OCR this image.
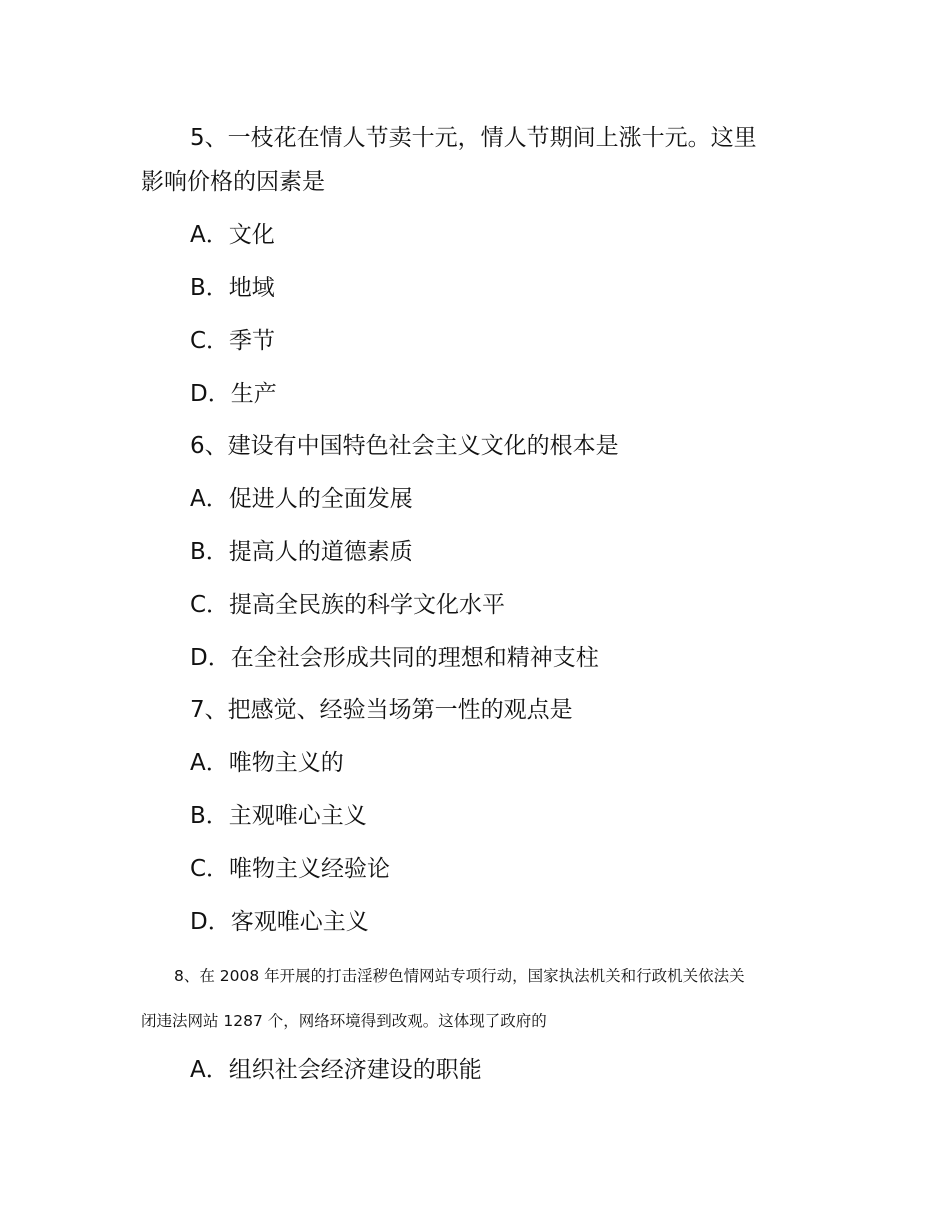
5、一枝花在情人节卖十元，情人节期间上涨十元。这里
影响价格的因素是
A．文化
B．地域
C．季节
D．生产
6、建设有中国特色社会主义文化的根本是
A．促进人的全面发展
B．提高人的道德素质
C．提高全民族的科学文化水平
D．在全社会形成共同的理想和精神支柱
7、把感觉、经验当场第一性的观点是
A．唯物主义的
B．主观唯心主义
C．唯物主义经验论
D．客观唯心主义
8、在 2008 年开展的打击淫秽色情网站专项行动，国家执法机关和行政机关依法关
闭违法网站 1287 个，网络环境得到改观。这体现了政府的
A．组织社会经济建设的职能
